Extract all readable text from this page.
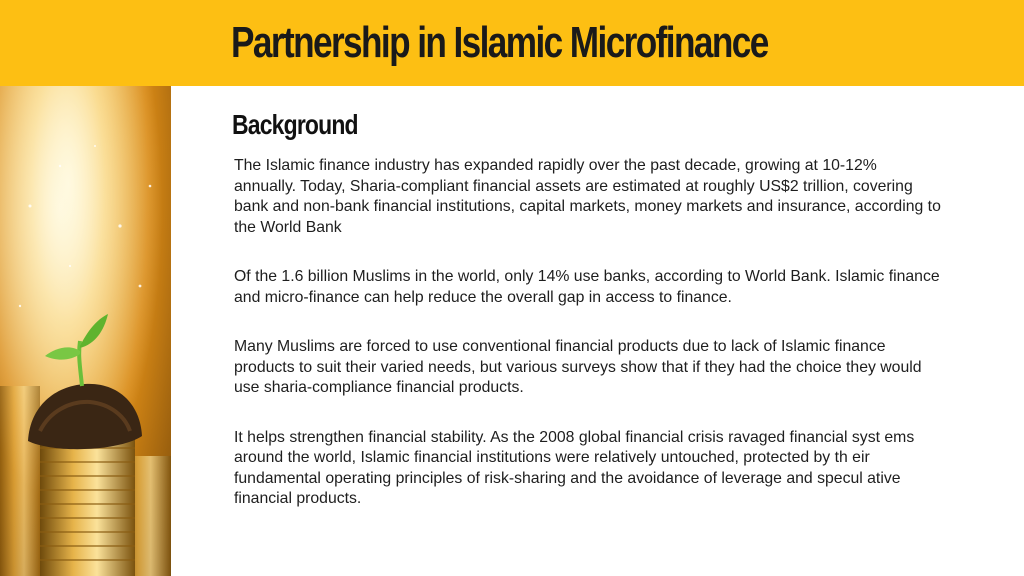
Partnership in Islamic Microfinance
Background

The Islamic finance industry has expanded rapidly over the past decade, growing at 10-12% annually. Today, Sharia-compliant financial assets are estimated at roughly US$2 trillion, covering bank and non-bank financial institutions, capital markets, money markets and insurance, according to the World Bank

Of the 1.6 billion Muslims in the world, only 14% use banks, according to World Bank. Islamic finance and micro-finance can help reduce the overall gap in access to finance.

Many Muslims are forced to use conventional financial products due to lack of Islamic finance products to suit their varied needs, but various surveys show that if they had the choice they would use sharia-compliance financial products.

It helps strengthen financial stability. As the 2008 global financial crisis ravaged financial syst ems around the world, Islamic financial institutions were relatively untouched, protected by th eir fundamental operating principles of risk-sharing and the avoidance of leverage and specul ative financial products.
